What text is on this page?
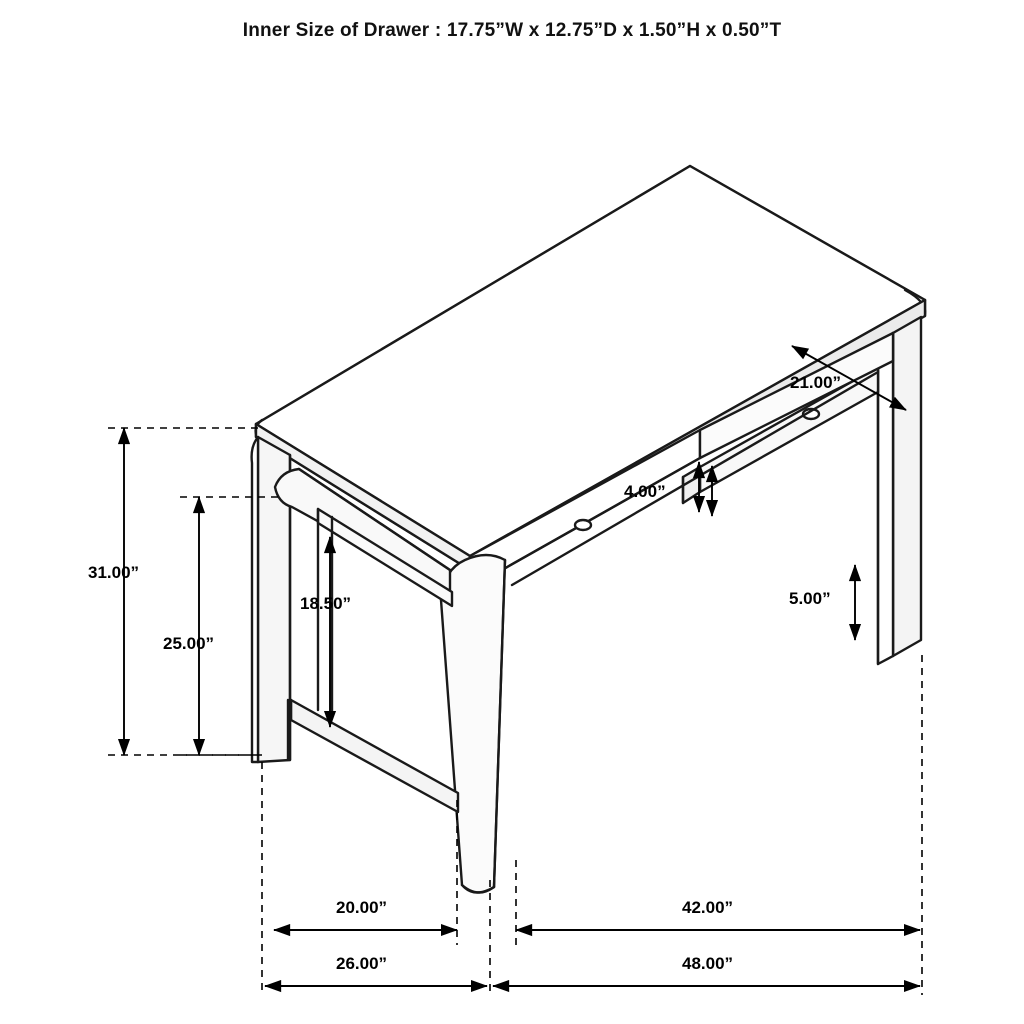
Inner Size of Drawer : 17.75”W x 12.75”D x 1.50”H x 0.50”T
31.00”
25.00”
18.50”
4.00”
21.00”
5.00”
20.00”	42.00”
26.00”	48.00”
